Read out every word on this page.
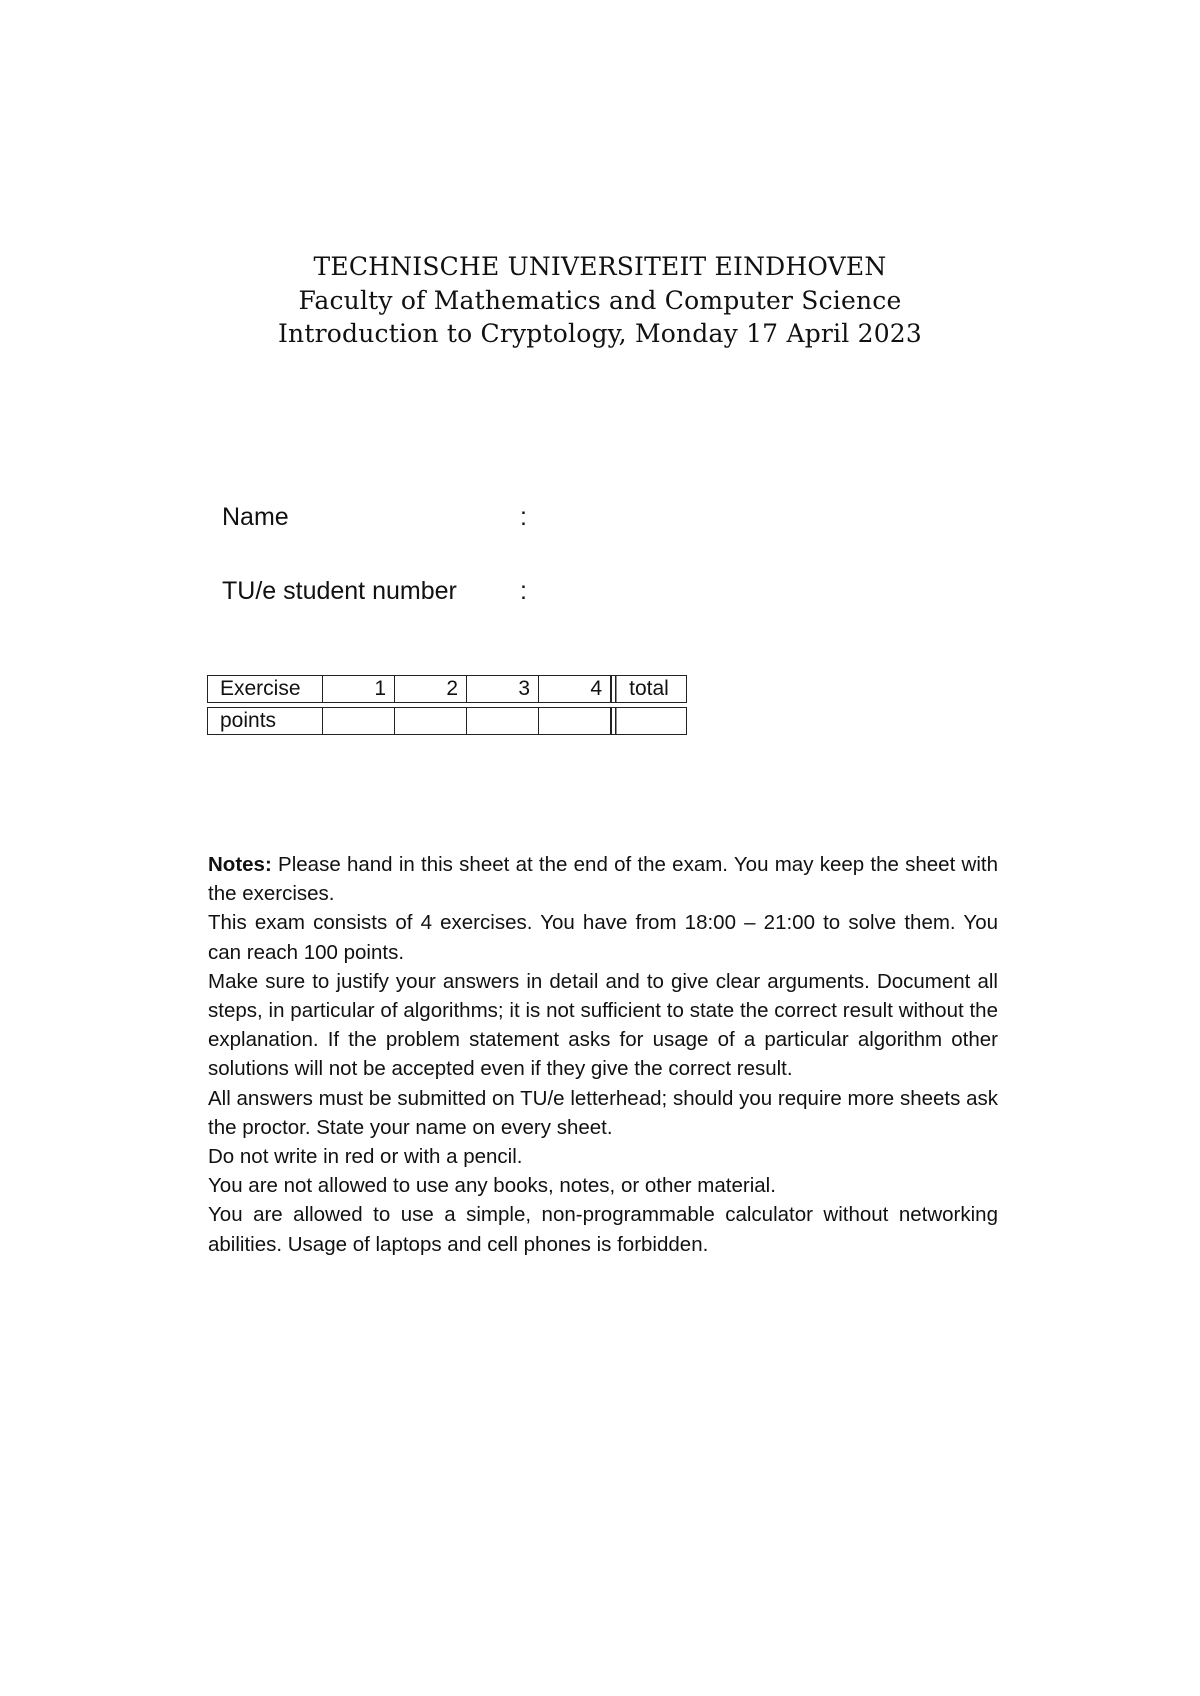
TECHNISCHE UNIVERSITEIT EINDHOVEN
Faculty of Mathematics and Computer Science
Introduction to Cryptology, Monday 17 April 2023
Name	:
TU/e student number	:
Exercise	1	2	3	4	total
points					

Notes: Please hand in this sheet at the end of the exam. You may keep the sheet with the exercises.

This exam consists of 4 exercises. You have from 18:00 – 21:00 to solve them. You can reach 100 points.

Make sure to justify your answers in detail and to give clear arguments. Document all steps, in particular of algorithms; it is not sufficient to state the correct result without the explanation. If the problem statement asks for usage of a particular algorithm other solutions will not be accepted even if they give the correct result.

All answers must be submitted on TU/e letterhead; should you require more sheets ask the proctor. State your name on every sheet.

Do not write in red or with a pencil.

You are not allowed to use any books, notes, or other material.

You are allowed to use a simple, non-programmable calculator without networking abilities. Usage of laptops and cell phones is forbidden.
